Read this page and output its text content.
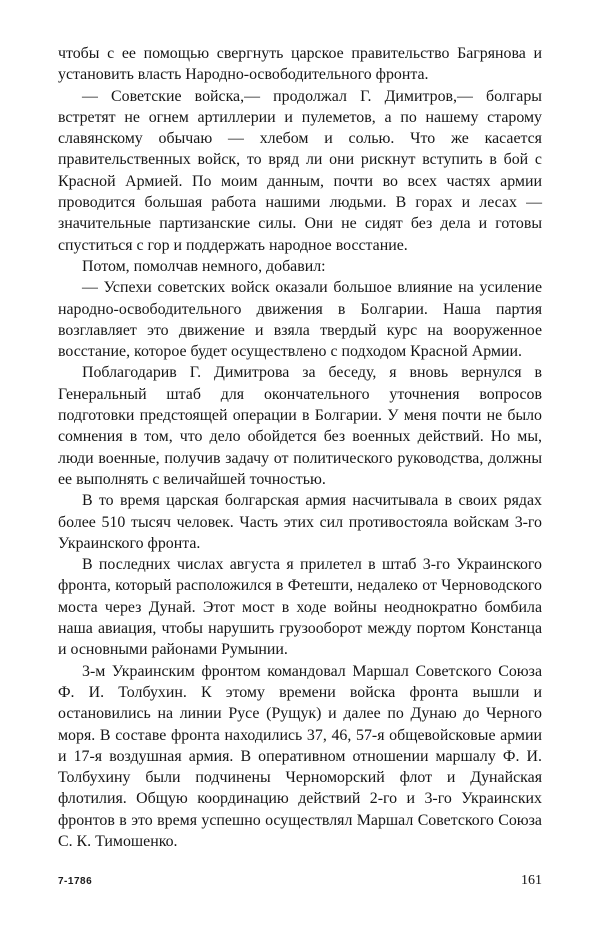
чтобы с ее помощью свергнуть царское правительство Багрянова и установить власть Народно-освободительного фронта.

— Советские войска,— продолжал Г. Димитров,— болгары встретят не огнем артиллерии и пулеметов, а по нашему старому славянскому обычаю — хлебом и солью. Что же касается правительственных войск, то вряд ли они рискнут вступить в бой с Красной Армией. По моим данным, почти во всех частях армии проводится большая работа нашими людьми. В горах и лесах — значительные партизанские силы. Они не сидят без дела и готовы спуститься с гор и поддержать народное восстание.

Потом, помолчав немного, добавил:

— Успехи советских войск оказали большое влияние на усиление народно-освободительного движения в Болгарии. Наша партия возглавляет это движение и взяла твердый курс на вооруженное восстание, которое будет осуществлено с подходом Красной Армии.

Поблагодарив Г. Димитрова за беседу, я вновь вернулся в Генеральный штаб для окончательного уточнения вопросов подготовки предстоящей операции в Болгарии. У меня почти не было сомнения в том, что дело обойдется без военных действий. Но мы, люди военные, получив задачу от политического руководства, должны ее выполнять с величайшей точностью.

В то время царская болгарская армия насчитывала в своих рядах более 510 тысяч человек. Часть этих сил противостояла войскам 3-го Украинского фронта.

В последних числах августа я прилетел в штаб 3-го Украинского фронта, который расположился в Фетешти, недалеко от Черноводского моста через Дунай. Этот мост в ходе войны неоднократно бомбила наша авиация, чтобы нарушить грузооборот между портом Констанца и основными районами Румынии.

3-м Украинским фронтом командовал Маршал Советского Союза Ф. И. Толбухин. К этому времени войска фронта вышли и остановились на линии Русе (Рущук) и далее по Дунаю до Черного моря. В составе фронта находились 37, 46, 57-я общевойсковые армии и 17-я воздушная армия. В оперативном отношении маршалу Ф. И. Толбухину были подчинены Черноморский флот и Дунайская флотилия. Общую координацию действий 2-го и 3-го Украинских фронтов в это время успешно осуществлял Маршал Советского Союза С. К. Тимошенко.

7-1786	161
